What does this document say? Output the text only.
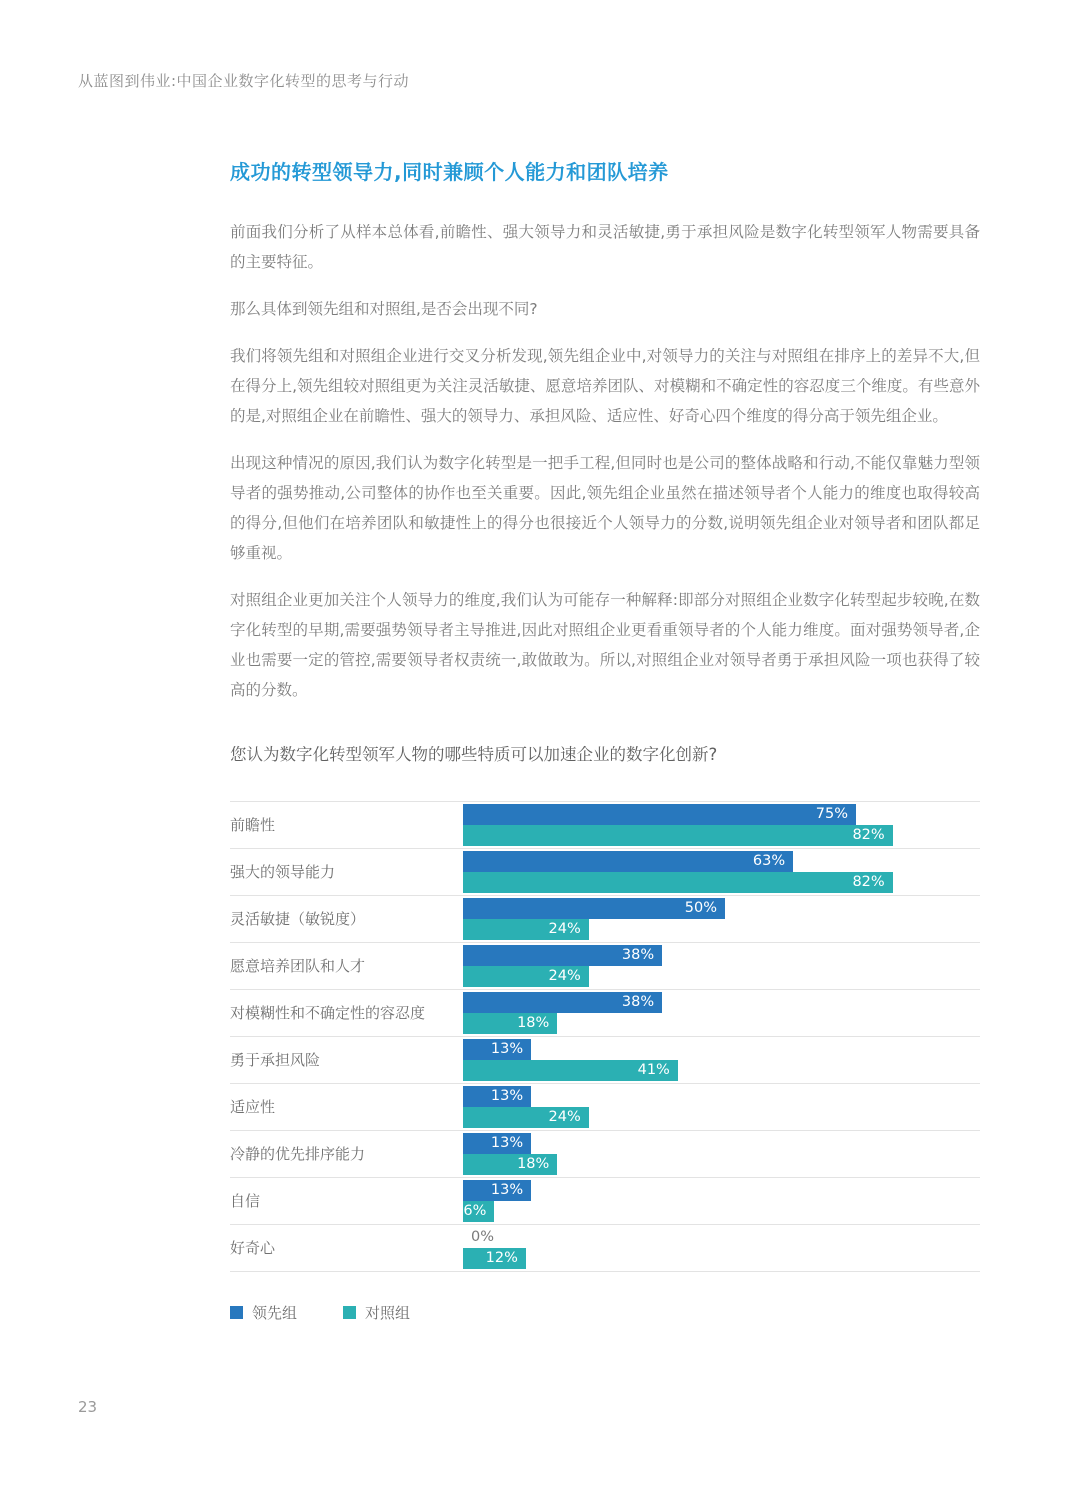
从蓝图到伟业:中国企业数字化转型的思考与行动
成功的转型领导力,同时兼顾个人能力和团队培养

前面我们分析了从样本总体看,前瞻性、强大领导力和灵活敏捷,勇于承担风险是数字化转型领军人物需要具备的主要特征。

那么具体到领先组和对照组,是否会出现不同?

我们将领先组和对照组企业进行交叉分析发现,领先组企业中,对领导力的关注与对照组在排序上的差异不大,但在得分上,领先组较对照组更为关注灵活敏捷、愿意培养团队、对模糊和不确定性的容忍度三个维度。有些意外的是,对照组企业在前瞻性、强大的领导力、承担风险、适应性、好奇心四个维度的得分高于领先组企业。

出现这种情况的原因,我们认为数字化转型是一把手工程,但同时也是公司的整体战略和行动,不能仅靠魅力型领导者的强势推动,公司整体的协作也至关重要。因此,领先组企业虽然在描述领导者个人能力的维度也取得较高的得分,但他们在培养团队和敏捷性上的得分也很接近个人领导力的分数,说明领先组企业对领导者和团队都足够重视。

对照组企业更加关注个人领导力的维度,我们认为可能存一种解释:即部分对照组企业数字化转型起步较晚,在数字化转型的早期,需要强势领导者主导推进,因此对照组企业更看重领导者的个人能力维度。面对强势领导者,企业也需要一定的管控,需要领导者权责统一,敢做敢为。所以,对照组企业对领导者勇于承担风险一项也获得了较高的分数。

您认为数字化转型领军人物的哪些特质可以加速企业的数字化创新?
前瞻性
75%
82%
强大的领导能力
63%
82%
灵活敏捷（敏锐度）
50%
24%
愿意培养团队和人才
38%
24%
对模糊性和不确定性的容忍度
38%
18%
勇于承担风险
13%
41%
适应性
13%
24%
冷静的优先排序能力
13%
18%
自信
13%
6%
好奇心
0%
12%
领先组	对照组
23
